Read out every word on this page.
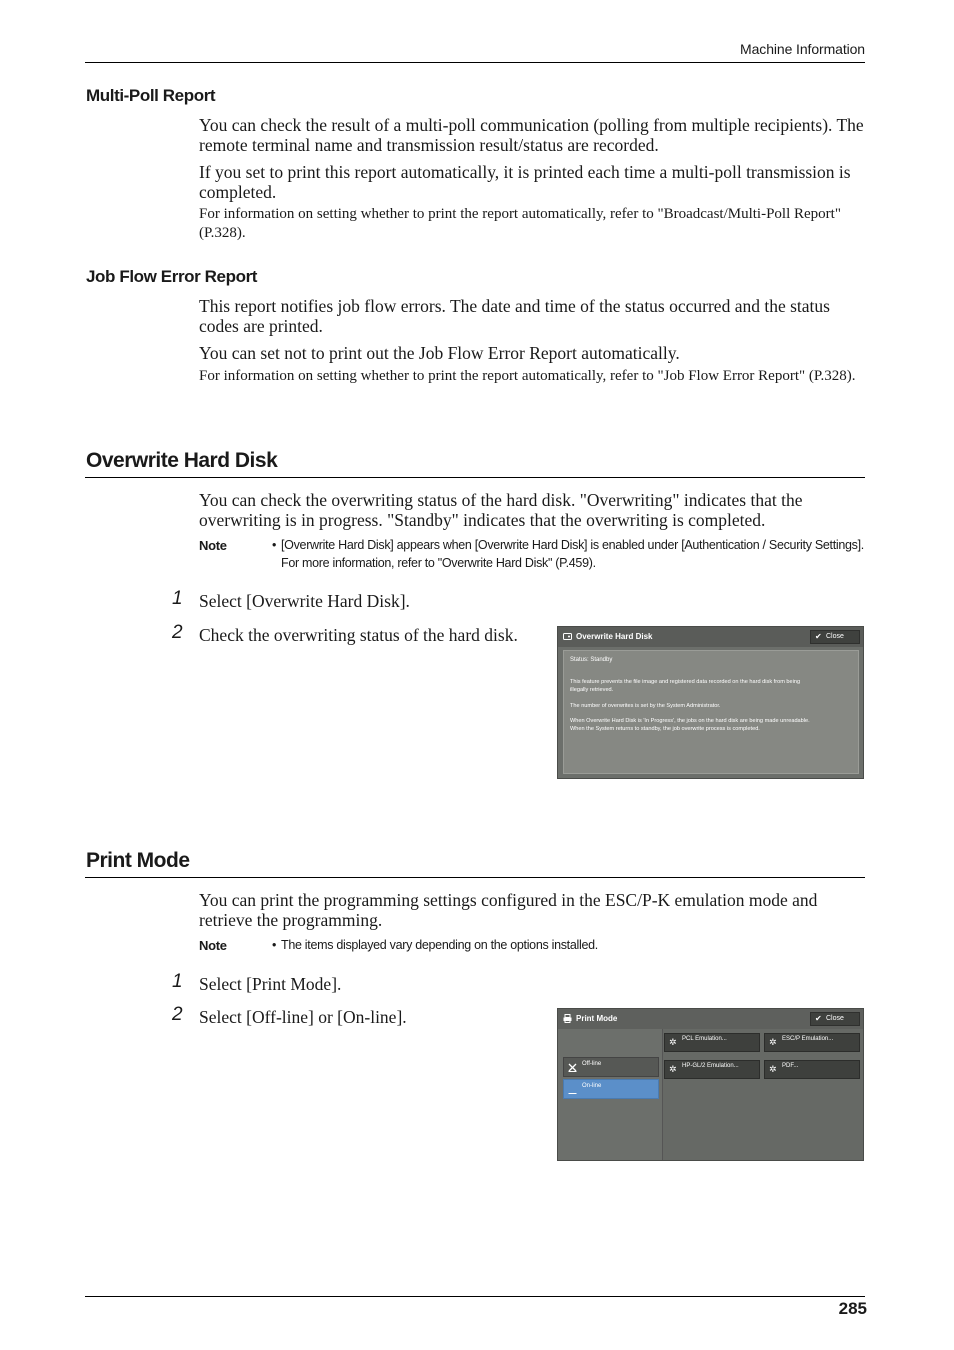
Machine Information
Multi-Poll Report
You can check the result of a multi-poll communication (polling from multiple recipients). The remote terminal name and transmission result/status are recorded.
If you set to print this report automatically, it is printed each time a multi-poll transmission is completed.
For information on setting whether to print the report automatically, refer to "Broadcast/Multi-Poll Report" (P.328).
Job Flow Error Report
This report notifies job flow errors. The date and time of the status occurred and the status codes are printed.
You can set not to print out the Job Flow Error Report automatically.
For information on setting whether to print the report automatically, refer to "Job Flow Error Report" (P.328).
Overwrite Hard Disk
You can check the overwriting status of the hard disk. "Overwriting" indicates that the overwriting is in progress. "Standby" indicates that the overwriting is completed.
Note	• [Overwrite Hard Disk] appears when [Overwrite Hard Disk] is enabled under [Authentication / Security Settings]. For more information, refer to "Overwrite Hard Disk" (P.459).
1 Select [Overwrite Hard Disk].
2 Check the overwriting status of the hard disk.	Overwrite Hard Disk	✔ Close
Status: Standby
This feature prevents the file image and registered data recorded on the hard disk from being
illegally retrieved.
The number of overwrites is set by the System Administrator.
When Overwrite Hard Disk is 'In Progress', the jobs on the hard disk are being made unreadable.
When the System returns to standby, the job overwrite process is completed.
Print Mode
You can print the programming settings configured in the ESC/P-K emulation mode and retrieve the programming.
Note	• The items displayed vary depending on the options installed.
1 Select [Print Mode].
2 Select [Off-line] or [On-line].	Print Mode	✔ Close
Off-line
On-line
✲ PCL Emulation...	✲ ESC/P Emulation...
✲ HP-GL/2 Emulation...	✲ PDF...
285
